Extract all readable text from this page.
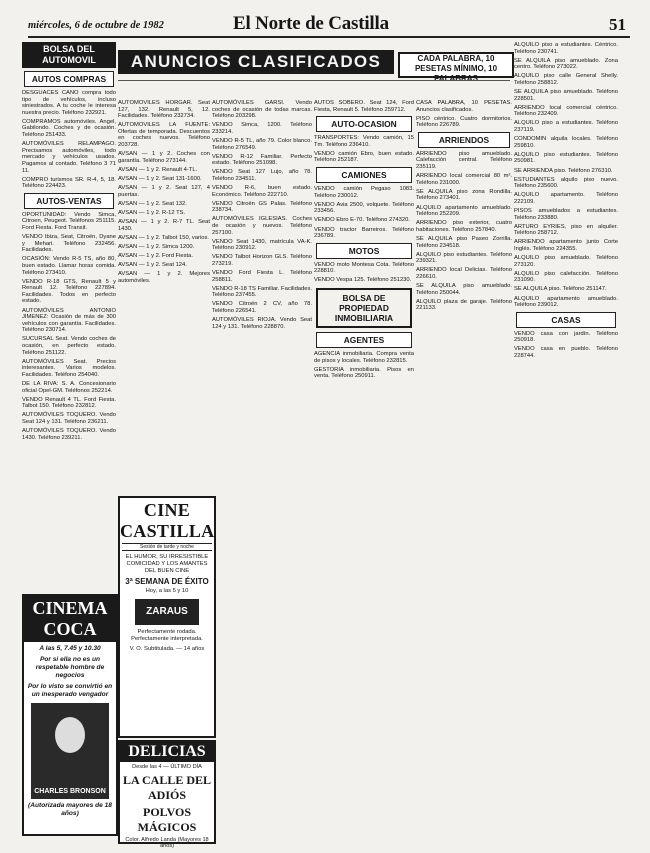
miércoles, 6 de octubre de 1982	El Norte de Castilla	51
ANUNCIOS CLASIFICADOS	CADA PALABRA, 10 PESETAS MÍNIMO, 10 PALABRAS
BOLSA DEL AUTOMOVIL
AUTOS COMPRAS

DESGUACES CANO compra todo tipo de vehículos, incluso siniestrados. A tu coche le interesa nuestra precio. Teléfono 232921.

COMPRAMOS automóviles. Angel, Gabilondo. Coches y de ocasión. Teléfono 251433.

AUTOMÓVILES RELAMPAGO. Precisamos automóviles, todo mercado y vehículos usados. Pagamos al contado. Teléfono 3 71 11.

COMPRO turismos SR. R-4, 5, 18. Teléfono 224423.

AUTOS-VENTAS

OPORTUNIDAD: Vendo Simca, Citroen, Peugeot. Teléfonos 251115. Ford Fiesta. Ford Transit.

VENDO Ibiza, Seat, Citroën, Dyane y Mehari. Teléfono 232456. Facilidades.

OCASIÓN: Vendo R-5 TS, año 80, buen estado. Llamar horas comida. Teléfono 273410.

VENDO R-18 GTS, Renault 5 y Renault 12. Teléfono 227894. Facilidades. Todos en perfecto estado.

AUTOMÓVILES ANTONIO JIMENEZ: Ocasión de más de 300 vehículos con garantía. Facilidades. Teléfono 230714.

SUCURSAL Seat. Vendo coches de ocasión, en perfecto estado. Teléfono 251122.

AUTOMÓVILES Seat. Precios interesantes. Varios modelos. Facilidades. Teléfono 254040.

DE LA RIVA: S. A. Concesionario oficial Opel-GM. Teléfonos 252214.

VENDO Renault 4 TL. Ford Fiesta. Talbot 150. Teléfono 232812.

AUTOMÓVILES TOQUERO. Vendo Seat 124 y 131. Teléfono 236211.

AUTOMÓVILES TOQUERO. Vendo 1430. Teléfono 239211.

CINEMA COCA
A las 5, 7.45 y 10.30
Por si ella no es un respetable hombre de negocios
Por lo visto se convirtió en un inesperado vengador
CHARLES BRONSON
(Autorizada mayores de 18 años)

AUTOMOVILES HORGAR. Seat 127, 132. Renault 5, 12. Facilidades. Teléfono 232734.

AUTOMOVILES LA FUENTE: Ofertas de temporada. Descuentos en coches nuevos. Teléfono 203728.

AVSAN — 1 y 2. Coches con garantía. Teléfono 273144.

AVSAN — 1 y 2. Renault 4-TL.

AVSAN — 1 y 2. Seat 131-1600.

AVSAN — 1 y 2. Seat 127, 4 puertas.

AVSAN — 1 y 2. Seat 132.

AVSAN — 1 y 2. R-12 TS.

AVSAN — 1 y 2. R-7 TL. Seat 1430.

AVSAN — 1 y 2. Talbot 150, varios.

AVSAN — 1 y 2. Simca 1200.

AVSAN — 1 y 2. Ford Fiesta.

AVSAN — 1 y 2. Seat 124.

AVSAN — 1 y 2. Mejores automóviles.

CINE CASTILLA
Sesión de tarde y noche
EL HUMOR, SU IRRESISTIBLE COMICIDAD Y LOS AMANTES DEL BUEN CINE
3ª SEMANA DE ÉXITO
Hoy, a las 5 y 10
ZARAUS
Perfectamente rodada. Perfectamente interpretada.
V. O. Subtitulada. — 14 años
DELICIAS
Desde las 4 — ÚLTIMO DÍA
LA CALLE DEL ADIÓS
POLVOS MÁGICOS
Color. Alfredo Landa (Mayores 18 años)

AUTOMÓVILES GARSI. Vendo coches de ocasión de todas marcas. Teléfono 203298.

VENDO Simca, 1200. Teléfono 233214.

VENDO R-5 TL, año 79. Color blanco. Teléfono 276549.

VENDO R-12 Familiar. Perfecto estado. Teléfono 251098.

VENDO Seat 127 Lujo, año 78. Teléfono 234511.

VENDO R-6, buen estado. Económico. Teléfono 222710.

VENDO Citroën GS Palas. Teléfono 238734.

AUTOMÓVILES IGLESIAS. Coches de ocasión y nuevos. Teléfono 257100.

VENDO Seat 1430, matrícula VA-K. Teléfono 230912.

VENDO Talbot Horizon GLS. Teléfono 273219.

VENDO Ford Fiesta L. Teléfono 258811.

VENDO R-18 TS Familiar. Facilidades. Teléfono 237455.

VENDO Citroën 2 CV, año 78. Teléfono 226541.

AUTOMÓVILES RIOJA. Vendo Seat 124 y 131. Teléfono 228870.

AUTOS SOBERO. Seat 124, Ford Fiesta, Renault 5. Teléfono 259712.

AUTO-OCASION

TRANSPORTES: Vendo camión, 15 Tm. Teléfono 236410.

VENDO camión Ebro, buen estado. Teléfono 252187.

CAMIONES

VENDO camión Pegaso 1083. Teléfono 230012.

VENDO Avia 2500, volquete. Teléfono 233456.

VENDO Ebro E-70. Teléfono 274320.

VENDO tractor Barreiros. Teléfono 236789.

MOTOS

VENDO moto Montesa Cota. Teléfono 228810.

VENDO Vespa 125. Teléfono 251230.

BOLSA DE PROPIEDAD INMOBILIARIA
AGENTES

AGENCIA inmobiliaria. Compra venta de pisos y locales. Teléfono 232815.

GESTORIA inmobiliaria. Pisos en venta. Teléfono 250911.

CASA PALABRA, 10 PESETAS. Anuncios clasificados.

PISO céntrico. Cuatro dormitorios. Teléfono 226789.

ARRIENDOS

ARRIENDO piso amueblado. Calefacción central. Teléfono 235119.

ARRIENDO local comercial 80 m². Teléfono 231000.

SE ALQUILA piso zona Rondilla. Teléfono 273401.

ALQUILO apartamento amueblado. Teléfono 252209.

ARRIENDO piso exterior, cuatro habitaciones. Teléfono 257840.

SE ALQUILA piso Paseo Zorrilla. Teléfono 234518.

ALQUILO piso estudiantes. Teléfono 239321.

ARRIENDO local Delicias. Teléfono 226610.

SE ALQUILA piso amueblado. Teléfono 250044.

ALQUILO plaza de garaje. Teléfono 221133.

ALQUILO piso a estudiantes. Céntrico. Teléfono 230741.

SE ALQUILA piso amueblado. Zona centro. Teléfono 273022.

ALQUILO piso calle General Shelly. Teléfono 258812.

SE ALQUILA piso amueblado. Teléfono 228501.

ARRIENDO local comercial céntrico. Teléfono 232409.

ALQUILO piso a estudiantes. Teléfono 237119.

CONDOMIN alquila locales. Teléfono 259810.

ALQUILO piso estudiantes. Teléfono 250981.

SE ARRIENDA piso. Teléfono 276310.

ESTUDIANTES alquilo piso nuevo. Teléfono 235600.

ALQUILO apartamento. Teléfono 222109.

PISOS amueblados a estudiantes. Teléfono 233880.

ARTURO EYRIES, piso en alquiler. Teléfono 258712.

ARRIENDO apartamento junto Corte Inglés. Teléfono 224355.

ALQUILO piso amueblado. Teléfono 273120.

ALQUILO piso calefacción. Teléfono 231090.

SE ALQUILA piso. Teléfono 251147.

ALQUILO apartamento amueblado. Teléfono 239012.

CASAS

VENDO casa con jardín. Teléfono 250918.

VENDO casa en pueblo. Teléfono 228744.
